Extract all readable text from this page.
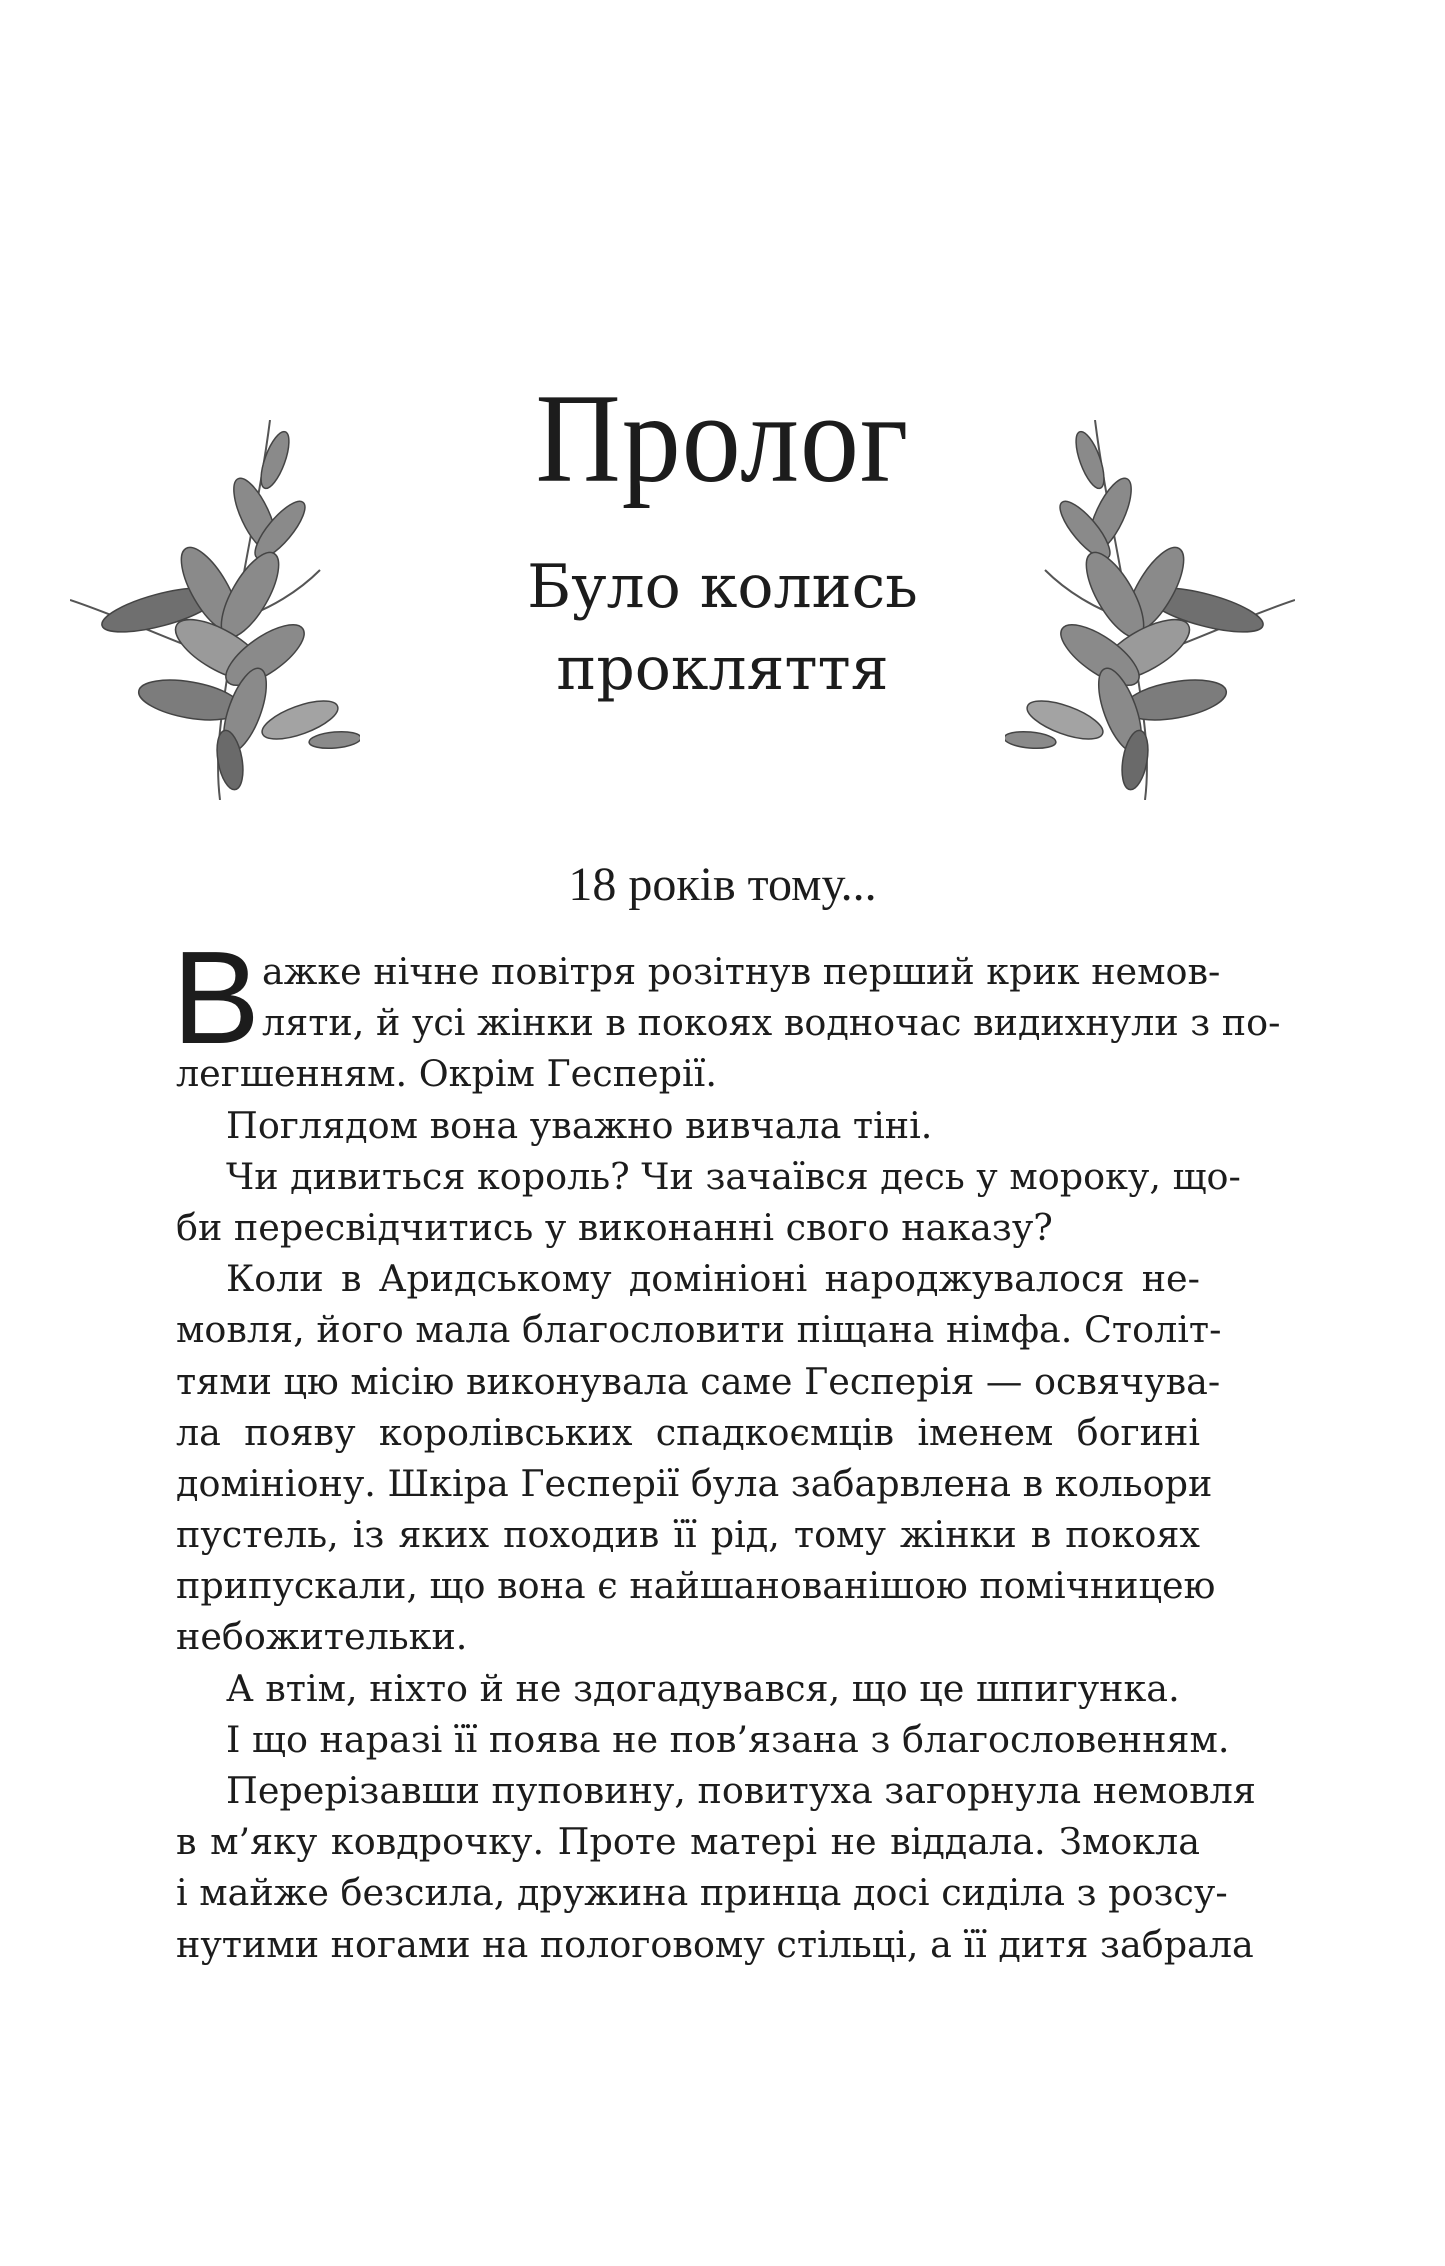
Пролог
Було колись прокляття
18 років тому...
В ажке нічне повітря розітнув перший крик немов-
ляти, й усі жінки в покоях водночас видихнули з по-
легшенням. Окрім Гесперії.
Поглядом вона уважно вивчала тіні.
Чи дивиться король? Чи зачаївся десь у мороку, що-
би пересвідчитись у виконанні свого наказу?
Коли в Аридському домініоні народжувалося не-
мовля, його мала благословити піщана німфа. Століт-
тями цю місію виконувала саме Гесперія — освячува-
ла появу королівських спадкоємців іменем богині
домініону. Шкіра Гесперії була забарвлена в кольори
пустель, із яких походив її рід, тому жінки в покоях
припускали, що вона є найшанованішою помічницею
небожительки.
А втім, ніхто й не здогадувався, що це шпигунка.
І що наразі її поява не пов’язана з благословенням.
Перерізавши пуповину, повитуха загорнула немовля
в м’яку ковдрочку. Проте матері не віддала. Змокла
і майже безсила, дружина принца досі сиділа з розсу-
нутими ногами на пологовому стільці, а її дитя забрала
